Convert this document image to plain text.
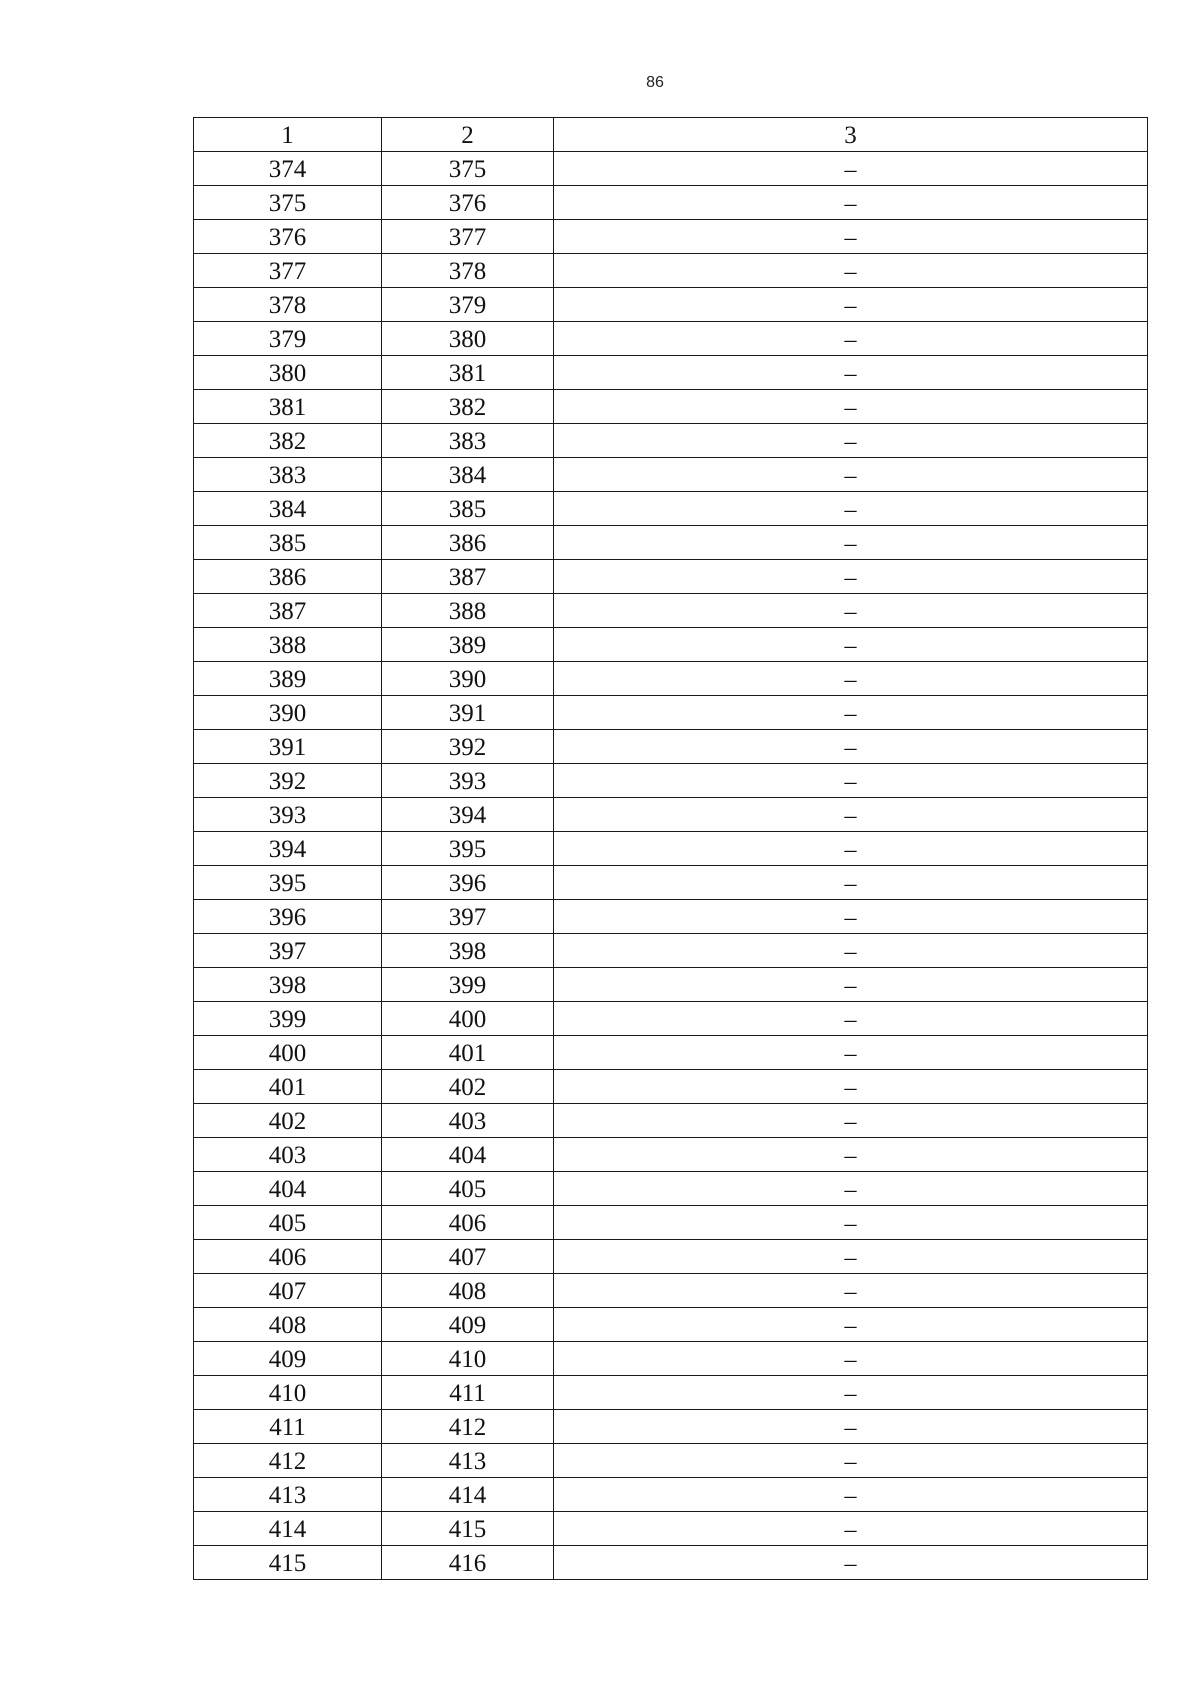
86
1	2	3
374	375	–
375	376	–
376	377	–
377	378	–
378	379	–
379	380	–
380	381	–
381	382	–
382	383	–
383	384	–
384	385	–
385	386	–
386	387	–
387	388	–
388	389	–
389	390	–
390	391	–
391	392	–
392	393	–
393	394	–
394	395	–
395	396	–
396	397	–
397	398	–
398	399	–
399	400	–
400	401	–
401	402	–
402	403	–
403	404	–
404	405	–
405	406	–
406	407	–
407	408	–
408	409	–
409	410	–
410	411	–
411	412	–
412	413	–
413	414	–
414	415	–
415	416	–
